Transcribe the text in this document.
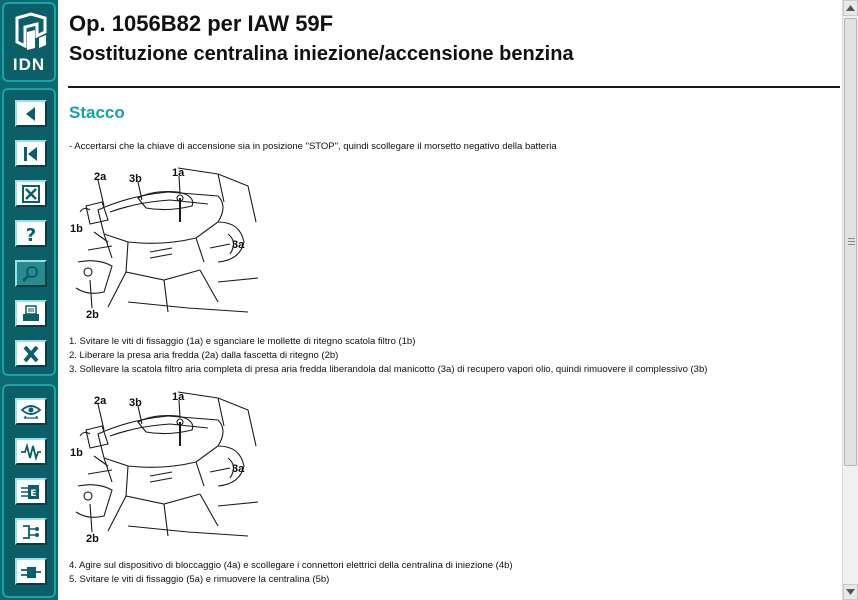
IDN
?
E
Op. 1056B82 per IAW 59F
Sostituzione centralina iniezione/accensione benzina
Stacco
- Accertarsi che la chiave di accensione sia in posizione "STOP", quindi scollegare il morsetto negativo della batteria
2a 3b	1a
1b
3a
2b
1. Svitare le viti di fissaggio (1a) e sganciare le mollette di ritegno scatola filtro (1b)
2. Liberare la presa aria fredda (2a) dalla fascetta di ritegno (2b)
3. Sollevare la scatola filtro aria completa di presa aria fredda liberandola dal manicotto (3a) di recupero vapori olio, quindi rimuovere il complessivo (3b)
2a 3b	1a
1b
3a
2b
4. Agire sul dispositivo di bloccaggio (4a) e scollegare i connettori elettrici della centralina di iniezione (4b)
5. Svitare le viti di fissaggio (5a) e rimuovere la centralina (5b)
